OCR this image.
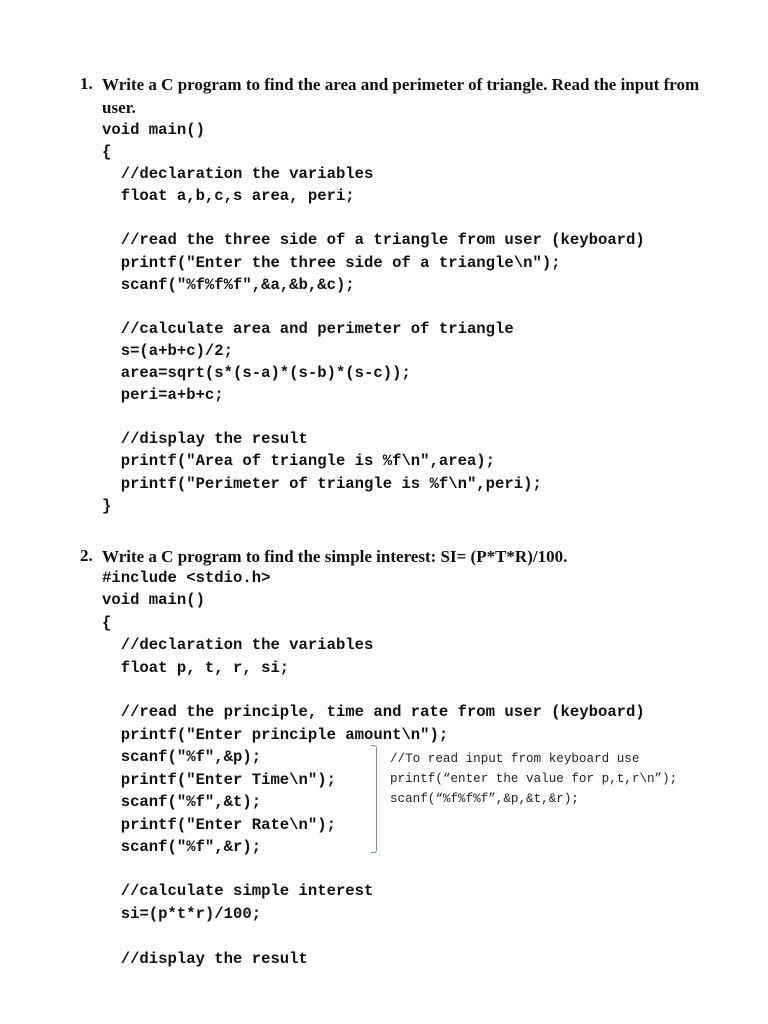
1. Write a C program to find the area and perimeter of triangle. Read the input from
user.
void main()
{
//declaration the variables
float a,b,c,s area, peri;

//read the three side of a triangle from user (keyboard)
printf("Enter the three side of a triangle\n");
scanf("%f%f%f",&a,&b,&c);

//calculate area and perimeter of triangle
s=(a+b+c)/2;
area=sqrt(s*(s-a)*(s-b)*(s-c));
peri=a+b+c;

//display the result
printf("Area of triangle is %f\n",area);
printf("Perimeter of triangle is %f\n",peri);
}
2. Write a C program to find the simple interest: SI= (P*T*R)/100.
#include <stdio.h>
void main()
{
//declaration the variables
float p, t, r, si;

//read the principle, time and rate from user (keyboard)
printf("Enter principle amount\n");
scanf("%f",&p);
printf("Enter Time\n");
scanf("%f",&t);
printf("Enter Rate\n");
scanf("%f",&r);

//calculate simple interest
si=(p*t*r)/100;

//display the result
//To read input from keyboard use
printf(“enter the value for p,t,r\n”);
scanf(“%f%f%f”,&p,&t,&r);
